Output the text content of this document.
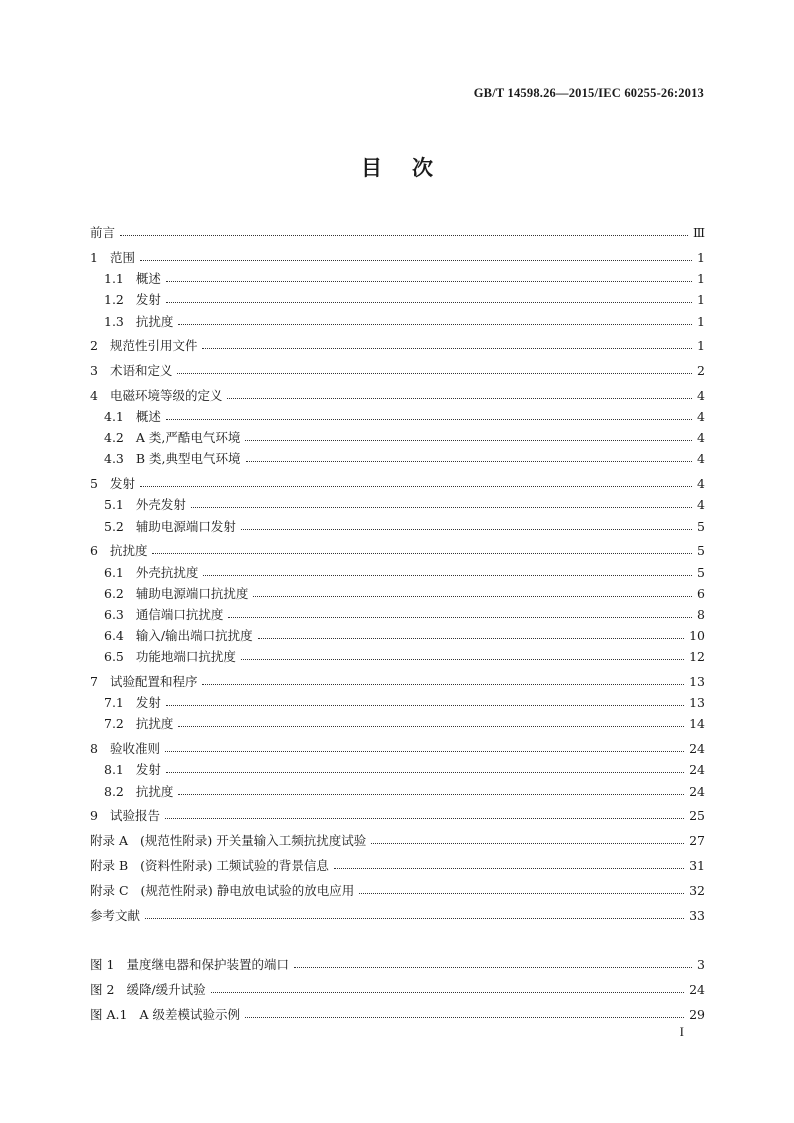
GB/T 14598.26—2015/IEC 60255-26:2013
目次
前言	Ⅲ
1 范围	1
1.1 概述	1
1.2 发射	1
1.3 抗扰度	1
2 规范性引用文件	1
3 术语和定义	2
4 电磁环境等级的定义	4
4.1 概述	4
4.2 A 类,严酷电气环境	4
4.3 B 类,典型电气环境	4
5 发射	4
5.1 外壳发射	4
5.2 辅助电源端口发射	5
6 抗扰度	5
6.1 外壳抗扰度	5
6.2 辅助电源端口抗扰度	6
6.3 通信端口抗扰度	8
6.4 输入/输出端口抗扰度	10
6.5 功能地端口抗扰度	12
7 试验配置和程序	13
7.1 发射	13
7.2 抗扰度	14
8 验收准则	24
8.1 发射	24
8.2 抗扰度	24
9 试验报告	25
附录 A (规范性附录) 开关量输入工频抗扰度试验	27
附录 B (资料性附录) 工频试验的背景信息	31
附录 C (规范性附录) 静电放电试验的放电应用	32
参考文献	33
图 1 量度继电器和保护装置的端口	3
图 2 缓降/缓升试验	24
图 A.1 A 级差模试验示例	29
I
